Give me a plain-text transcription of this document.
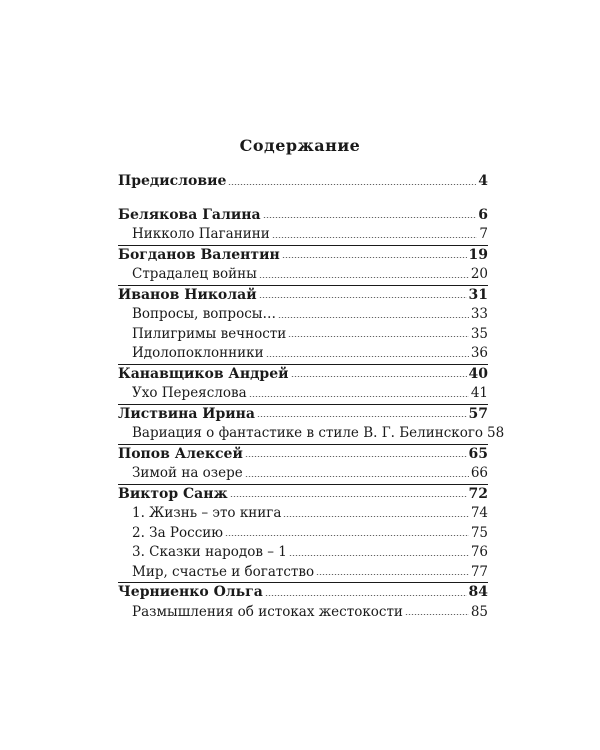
Содержание
Предисловие	4
Белякова Галина	6
Никколо Паганини	7
Богданов Валентин	19
Страдалец войны	20
Иванов Николай	31
Вопросы, вопросы…	33
Пилигримы вечности	35
Идолопоклонники	36
Канавщиков Андрей	40
Ухо Переяслова	41
Листвина Ирина	57
Вариация о фантастике в стиле В. Г. Белинского 58
Попов Алексей	65
Зимой на озере	66
Виктор Санж	72
1. Жизнь – это книга	74
2. За Россию	75
3. Сказки народов – 1	76
Мир, счастье и богатство	77
Черниенко Ольга	84
Размышления об истоках жестокости	85
